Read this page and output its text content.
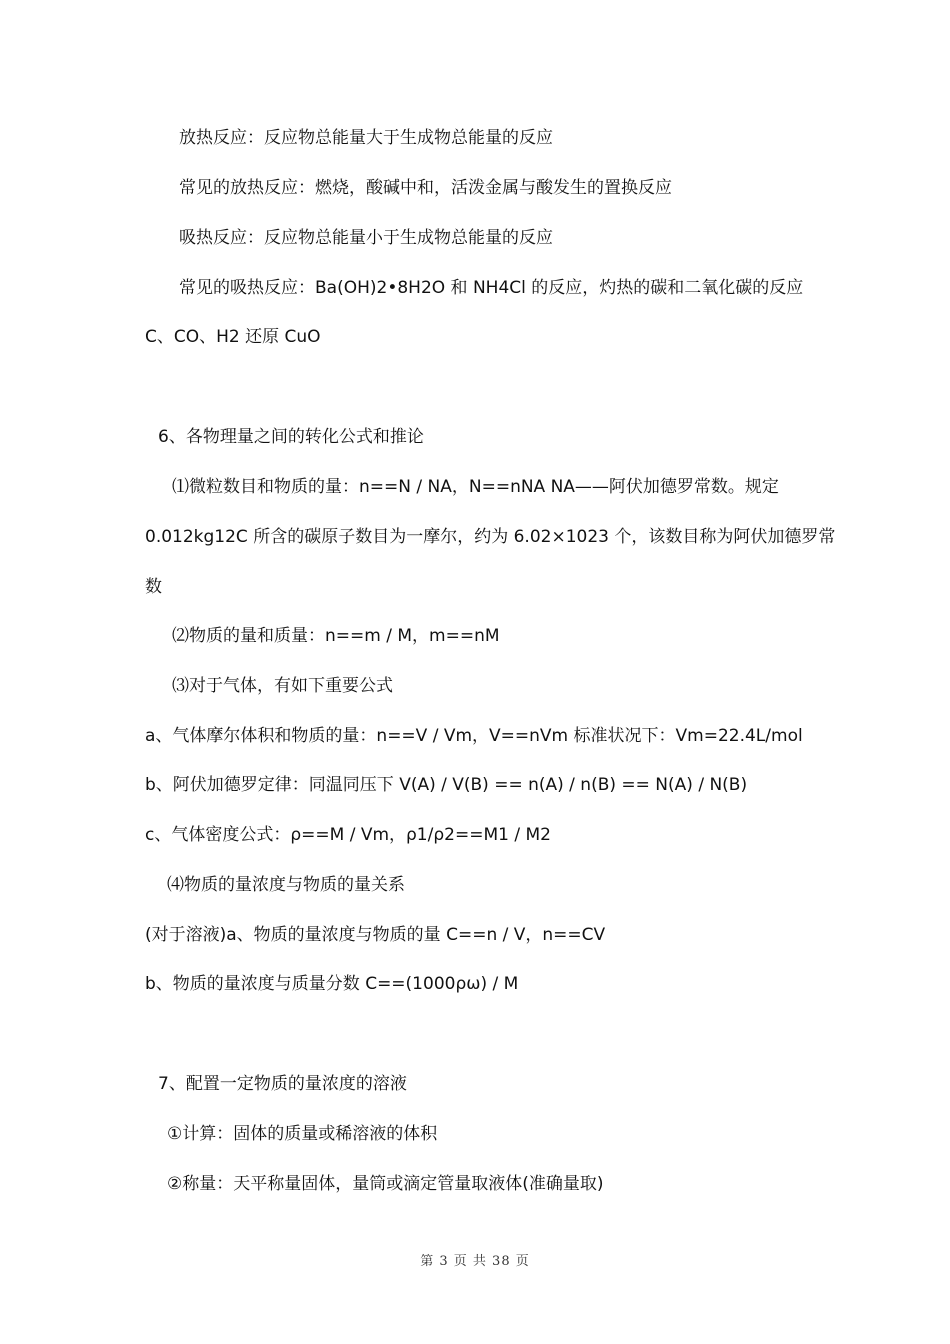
放热反应：反应物总能量大于生成物总能量的反应
常见的放热反应：燃烧，酸碱中和，活泼金属与酸发生的置换反应
吸热反应：反应物总能量小于生成物总能量的反应
常见的吸热反应：Ba(OH)2•8H2O 和 NH4Cl 的反应，灼热的碳和二氧化碳的反应
C、CO、H2 还原 CuO
6、各物理量之间的转化公式和推论
⑴微粒数目和物质的量：n==N / NA，N==nNA NA——阿伏加德罗常数。规定
0.012kg12C 所含的碳原子数目为一摩尔，约为 6.02×1023 个，该数目称为阿伏加德罗常
数
⑵物质的量和质量：n==m / M，m==nM
⑶对于气体，有如下重要公式
a、气体摩尔体积和物质的量：n==V / Vm，V==nVm 标准状况下：Vm=22.4L/mol
b、阿伏加德罗定律：同温同压下 V(A) / V(B) == n(A) / n(B) == N(A) / N(B)
c、气体密度公式：ρ==M / Vm，ρ1/ρ2==M1 / M2
⑷物质的量浓度与物质的量关系
(对于溶液)a、物质的量浓度与物质的量 C==n / V，n==CV
b、物质的量浓度与质量分数 C==(1000ρω) / M
7、配置一定物质的量浓度的溶液
①计算：固体的质量或稀溶液的体积
②称量：天平称量固体，量筒或滴定管量取液体(准确量取)
第 3 页 共 38 页
